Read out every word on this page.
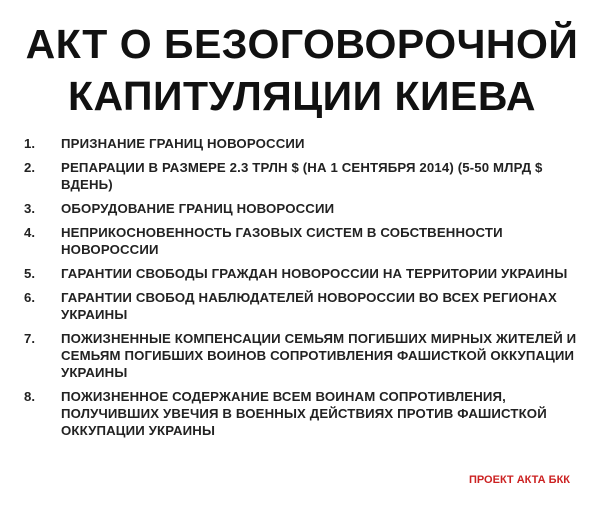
АКТ О БЕЗОГОВОРОЧНОЙ
КАПИТУЛЯЦИИ КИЕВА
1.	ПРИЗНАНИЕ ГРАНИЦ НОВОРОССИИ
2.	РЕПАРАЦИИ В РАЗМЕРЕ 2.3 ТРЛН $ (НА 1 СЕНТЯБРЯ 2014) (5-50 МЛРД $ ВДЕНЬ)
3.	ОБОРУДОВАНИЕ ГРАНИЦ НОВОРОССИИ
4.	НЕПРИКОСНОВЕННОСТЬ ГАЗОВЫХ СИСТЕМ В СОБСТВЕННОСТИ НОВОРОССИИ
5.	ГАРАНТИИ СВОБОДЫ ГРАЖДАН НОВОРОССИИ НА ТЕРРИТОРИИ УКРАИНЫ
6.	ГАРАНТИИ СВОБОД НАБЛЮДАТЕЛЕЙ НОВОРОССИИ ВО ВСЕХ РЕГИОНАХ УКРАИНЫ
7.	ПОЖИЗНЕННЫЕ КОМПЕНСАЦИИ СЕМЬЯМ ПОГИБШИХ МИРНЫХ ЖИТЕЛЕЙ И СЕМЬЯМ ПОГИБШИХ ВОИНОВ СОПРОТИВЛЕНИЯ ФАШИСТКОЙ ОККУПАЦИИ УКРАИНЫ
8.	ПОЖИЗНЕННОЕ СОДЕРЖАНИЕ ВСЕМ ВОИНАМ СОПРОТИВЛЕНИЯ, ПОЛУЧИВШИХ УВЕЧИЯ В ВОЕННЫХ ДЕЙСТВИЯХ ПРОТИВ ФАШИСТКОЙ ОККУПАЦИИ УКРАИНЫ
ПРОЕКТ АКТА БКК
